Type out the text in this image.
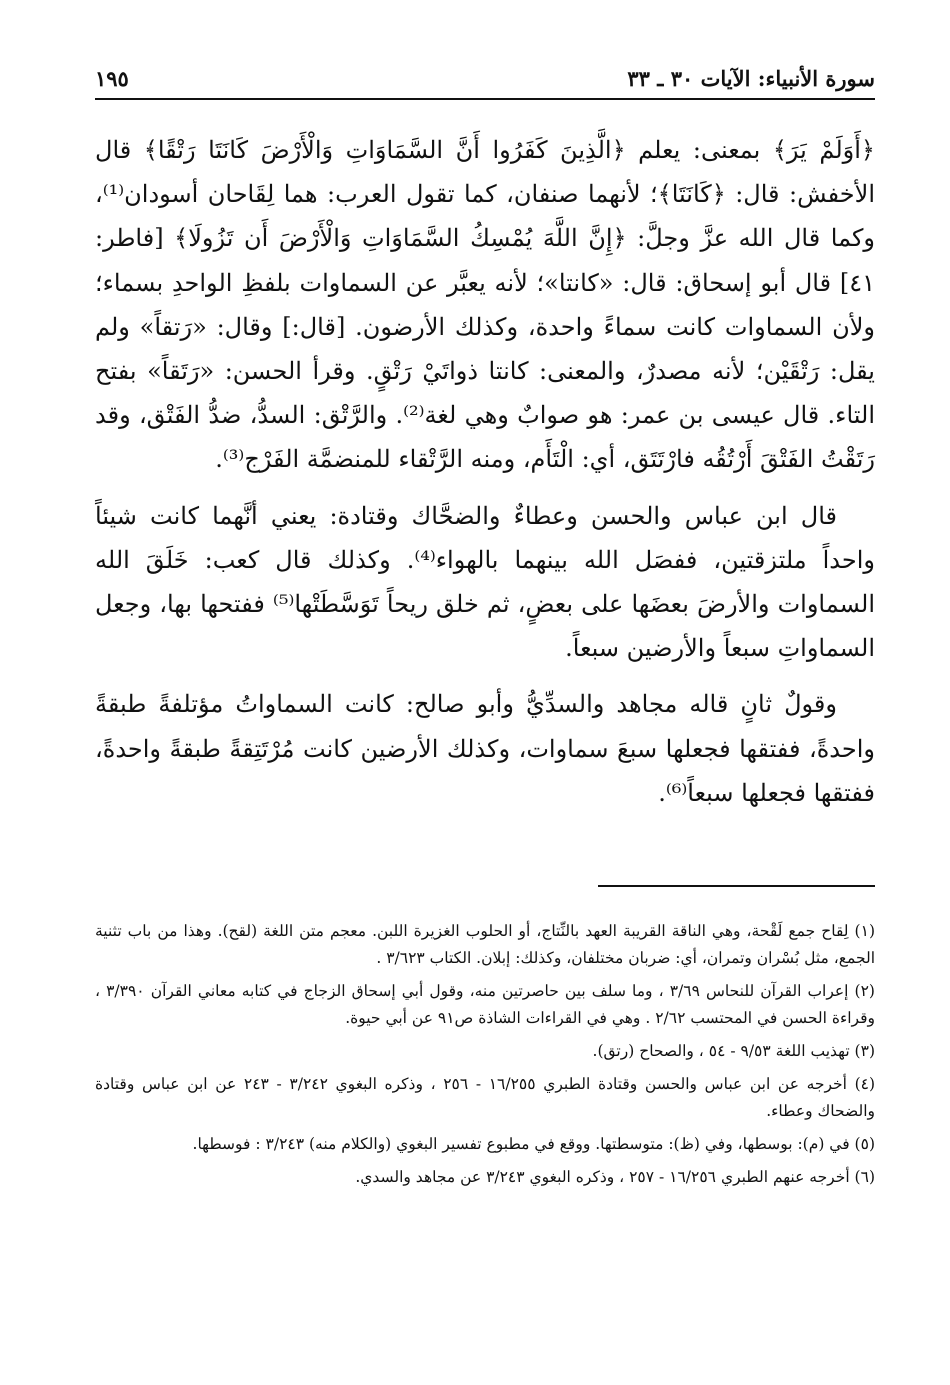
سورة الأنبياء: الآيات ٣٠ ـ ٣٣
١٩٥

﴿أَوَلَمْ يَرَ﴾ بمعنى: يعلم ﴿الَّذِينَ كَفَرُوا أَنَّ السَّمَاوَاتِ وَالْأَرْضَ كَانَتَا رَتْقًا﴾ قال الأخفش: قال: ﴿كَانَتَا﴾؛ لأنهما صنفان، كما تقول العرب: هما لِقَاحان أسودان⁽¹⁾، وكما قال الله عزَّ وجلَّ: ﴿إِنَّ اللَّهَ يُمْسِكُ السَّمَاوَاتِ وَالْأَرْضَ أَن تَزُولَا﴾ [فاطر: ٤١] قال أبو إسحاق: قال: «كانتا»؛ لأنه يعبَّر عن السماوات بلفظِ الواحدِ بسماء؛ ولأن السماوات كانت سماءً واحدة، وكذلك الأرضون. [قال:] وقال: «رَتقاً» ولم يقل: رَتْقَيْن؛ لأنه مصدرٌ، والمعنى: كانتا ذواتَيْ رَتْقٍ. وقرأ الحسن: «رَتَقاً» بفتح التاء. قال عيسى بن عمر: هو صوابٌ وهي لغة⁽²⁾. والرَّتْق: السدُّ، ضدُّ الفَتْق، وقد رَتَقْتُ الفَتْقَ أَرْتُقُه فارْتَتَق، أي: الْتَأَم، ومنه الرَّتْقاء للمنضمَّة الفَرْج⁽³⁾.

قال ابن عباس والحسن وعطاءٌ والضحَّاك وقتادة: يعني أنَّهما كانت شيئاً واحداً ملتزقتين، ففصَل الله بينهما بالهواء⁽⁴⁾. وكذلك قال كعب: خَلَقَ الله السماوات والأرضَ بعضَها على بعضٍ، ثم خلق ريحاً تَوَسَّطَتْها⁽⁵⁾ ففتحها بها، وجعل السماواتِ سبعاً والأرضين سبعاً.

وقولٌ ثانٍ قاله مجاهد والسدِّيُّ وأبو صالح: كانت السماواتُ مؤتلفةً طبقةً واحدةً، ففتقها فجعلها سبعَ سماوات، وكذلك الأرضين كانت مُرْتَتِقةً طبقةً واحدةً، ففتقها فجعلها سبعاً⁽⁶⁾.

(١) لِقاح جمع لَقْحة، وهي الناقة القريبة العهد بالنِّتاج، أو الحلوب الغزيرة اللبن. معجم متن اللغة (لقح). وهذا من باب تثنية الجمع، مثل بُسْران وتمران، أي: ضربان مختلفان، وكذلك: إبلان. الكتاب ٣/٦٢٣ .

(٢) إعراب القرآن للنحاس ٣/٦٩ ، وما سلف بين حاصرتين منه، وقول أبي إسحاق الزجاج في كتابه معاني القرآن ٣/٣٩٠ ، وقراءة الحسن في المحتسب ٢/٦٢ . وهي في القراءات الشاذة ص٩١ عن أبي حيوة.

(٣) تهذيب اللغة ٩/٥٣ - ٥٤ ، والصحاح (رتق).

(٤) أخرجه عن ابن عباس والحسن وقتادة الطبري ١٦/٢٥٥ - ٢٥٦ ، وذكره البغوي ٣/٢٤٢ - ٢٤٣ عن ابن عباس وقتادة والضحاك وعطاء.

(٥) في (م): بوسطها، وفي (ظ): متوسطتها. ووقع في مطبوع تفسير البغوي (والكلام منه) ٣/٢٤٣ : فوسطها.

(٦) أخرجه عنهم الطبري ١٦/٢٥٦ - ٢٥٧ ، وذكره البغوي ٣/٢٤٣ عن مجاهد والسدي.
